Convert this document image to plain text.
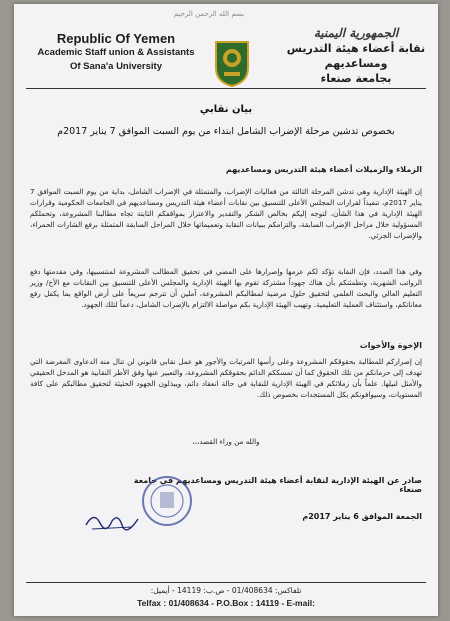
بسم الله الرحمن الرحيم
Republic Of Yemen
Academic Staff union & Assistants
Of Sana'a University
الجمهورية اليمنية
نقابة أعضاء هيئة التدريس ومساعديهم
بجامعة صنعاء
بيان نقابي
بخصوص تدشين مرحلة الإضراب الشامل ابتداء من يوم السبت الموافق 7 يناير 2017م
الزملاء والزميلات أعضاء هيئة التدريس ومساعديهم
إن الهيئة الإدارية وهي تدشن المرحلة الثالثة من فعاليات الإضراب، والمتمثلة في الإضراب الشامل، بداية من يوم السبت الموافق 7 يناير 2017م، تنفيذاً لقرارات المجلس الأعلى للتنسيق بين نقابات أعضاء هيئة التدريس ومساعديهم في الجامعات الحكومية وقرارات الهيئة الإدارية في هذا الشأن، لتوجه إليكم بخالص الشكر والتقدير والاعتزاز بمواقفكم الثابتة تجاه مطالبنا المشروعة، وتحملكم المسؤولية خلال مراحل الإضراب السابقة، والتزامكم ببيانات النقابة وتعميماتها خلال المراحل السابقة المتمثلة برفع الشارات الحمراء، والإضراب الجزئي.
وفي هذا الصدد، فإن النقابة تؤكد لكم عزمها وإصرارها على المضي في تحقيق المطالب المشروعة لمنتسبيها، وفي مقدمتها دفع الرواتب الشهرية، وتطمئنكم بأن هناك جهوداً مشتركة تقوم بها الهيئة الإدارية والمجلس الأعلى للتنسيق بين النقابات مع الأخ/ وزير التعليم العالي والبحث العلمي لتحقيق حلول مرضية لمطالبكم المشروعة، آملين أن تترجم سريعاً على أرض الواقع بما يكفل رفع معاناتكم، واستئناف العملية التعليمية. وتهيب الهيئة الإدارية بكم مواصلة الالتزام بالإضراب الشامل، دعماً لتلك الجهود.
الإخوة والأخوات
إن إصراركم للمطالبة بحقوقكم المشروعة وعلى رأسها المرتبات والأجور هو عمل نقابي قانوني لن تنال منه الدعاوى المغرضة التي تهدف إلى حرمانكم من تلك الحقوق كما أن تمسككم الدائم بحقوقكم المشروعة، والتعبير عنها وفق الأطر النقابية هو المدخل الحقيقي والأمثل لنيلها. علماً بأن زملائكم في الهيئة الإدارية للنقابة في حالة انعقاد دائم، ويبذلون الجهود الحثيثة لتحقيق مطالبكم على كافة المستويات، وسيوافونكم بكل المستجدات بخصوص ذلك.
والله من وراء القصد،،،
صادر عن الهيئة الإدارية لنقابة أعضاء هيئة التدريس ومساعديهم في جامعة صنعاء
الجمعة الموافق 6 يناير 2017م
تلفاكس: 01/408634 - ص.ب: 14119 - أيميل:
Telfax : 01/408634 - P.O.Box : 14119 - E-mail:
